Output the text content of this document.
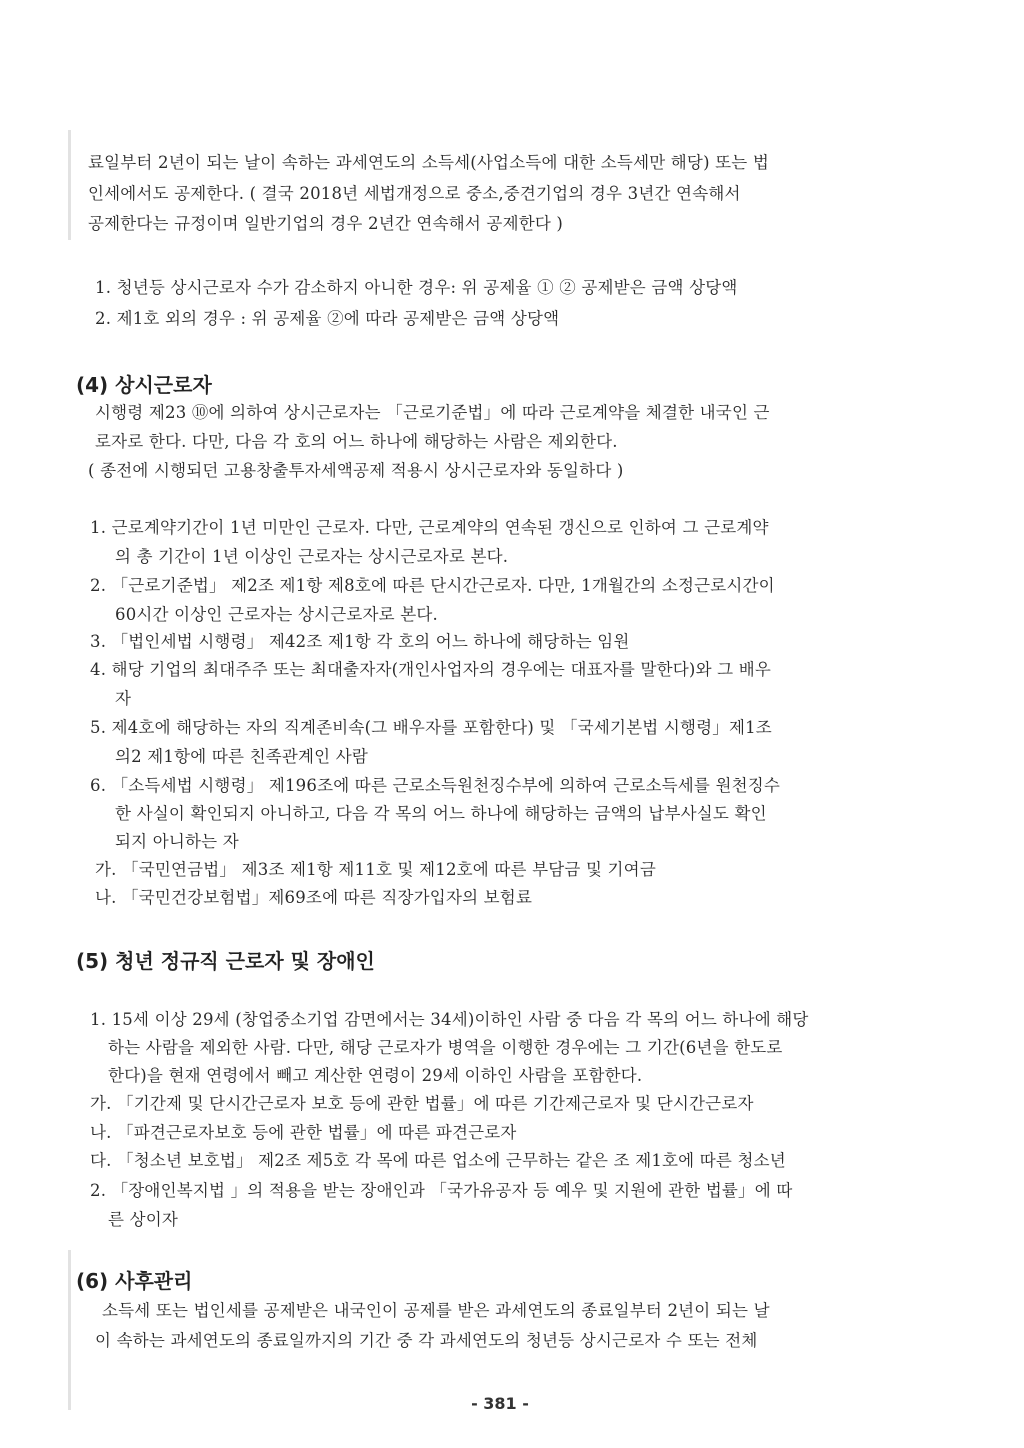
료일부터 2년이 되는 날이 속하는 과세연도의 소득세(사업소득에 대한 소득세만 해당) 또는 법
인세에서도 공제한다. ( 결국 2018년 세법개정으로 중소,중견기업의 경우 3년간 연속해서
공제한다는 규정이며 일반기업의 경우 2년간 연속해서 공제한다 )
1. 청년등 상시근로자 수가 감소하지 아니한 경우: 위 공제율 ① ② 공제받은 금액 상당액
2. 제1호 외의 경우 : 위 공제율 ②에 따라 공제받은 금액 상당액
(4) 상시근로자
시행령 제23 ⑩에 의하여 상시근로자는 「근로기준법」에 따라 근로계약을 체결한 내국인 근
로자로 한다. 다만, 다음 각 호의 어느 하나에 해당하는 사람은 제외한다.
( 종전에 시행되던 고용창출투자세액공제 적용시 상시근로자와 동일하다 )
1. 근로계약기간이 1년 미만인 근로자. 다만, 근로계약의 연속된 갱신으로 인하여 그 근로계약
의 총 기간이 1년 이상인 근로자는 상시근로자로 본다.
2. 「근로기준법」 제2조 제1항 제8호에 따른 단시간근로자. 다만, 1개월간의 소정근로시간이
60시간 이상인 근로자는 상시근로자로 본다.
3. 「법인세법 시행령」 제42조 제1항 각 호의 어느 하나에 해당하는 임원
4. 해당 기업의 최대주주 또는 최대출자자(개인사업자의 경우에는 대표자를 말한다)와 그 배우
자
5. 제4호에 해당하는 자의 직계존비속(그 배우자를 포함한다) 및 「국세기본법 시행령」제1조
의2 제1항에 따른 친족관계인 사람
6. 「소득세법 시행령」 제196조에 따른 근로소득원천징수부에 의하여 근로소득세를 원천징수
한 사실이 확인되지 아니하고, 다음 각 목의 어느 하나에 해당하는 금액의 납부사실도 확인
되지 아니하는 자
가. 「국민연금법」 제3조 제1항 제11호 및 제12호에 따른 부담금 및 기여금
나. 「국민건강보험법」제69조에 따른 직장가입자의 보험료
(5) 청년 정규직 근로자 및 장애인
1. 15세 이상 29세 (창업중소기업 감면에서는 34세)이하인 사람 중 다음 각 목의 어느 하나에 해당
하는 사람을 제외한 사람. 다만, 해당 근로자가 병역을 이행한 경우에는 그 기간(6년을 한도로
한다)을 현재 연령에서 빼고 계산한 연령이 29세 이하인 사람을 포함한다.
가. 「기간제 및 단시간근로자 보호 등에 관한 법률」에 따른 기간제근로자 및 단시간근로자
나. 「파견근로자보호 등에 관한 법률」에 따른 파견근로자
다. 「청소년 보호법」 제2조 제5호 각 목에 따른 업소에 근무하는 같은 조 제1호에 따른 청소년
2. 「장애인복지법 」의 적용을 받는 장애인과 「국가유공자 등 예우 및 지원에 관한 법률」에 따
른 상이자
(6) 사후관리
소득세 또는 법인세를 공제받은 내국인이 공제를 받은 과세연도의 종료일부터 2년이 되는 날
이 속하는 과세연도의 종료일까지의 기간 중 각 과세연도의 청년등 상시근로자 수 또는 전체
- 381 -
